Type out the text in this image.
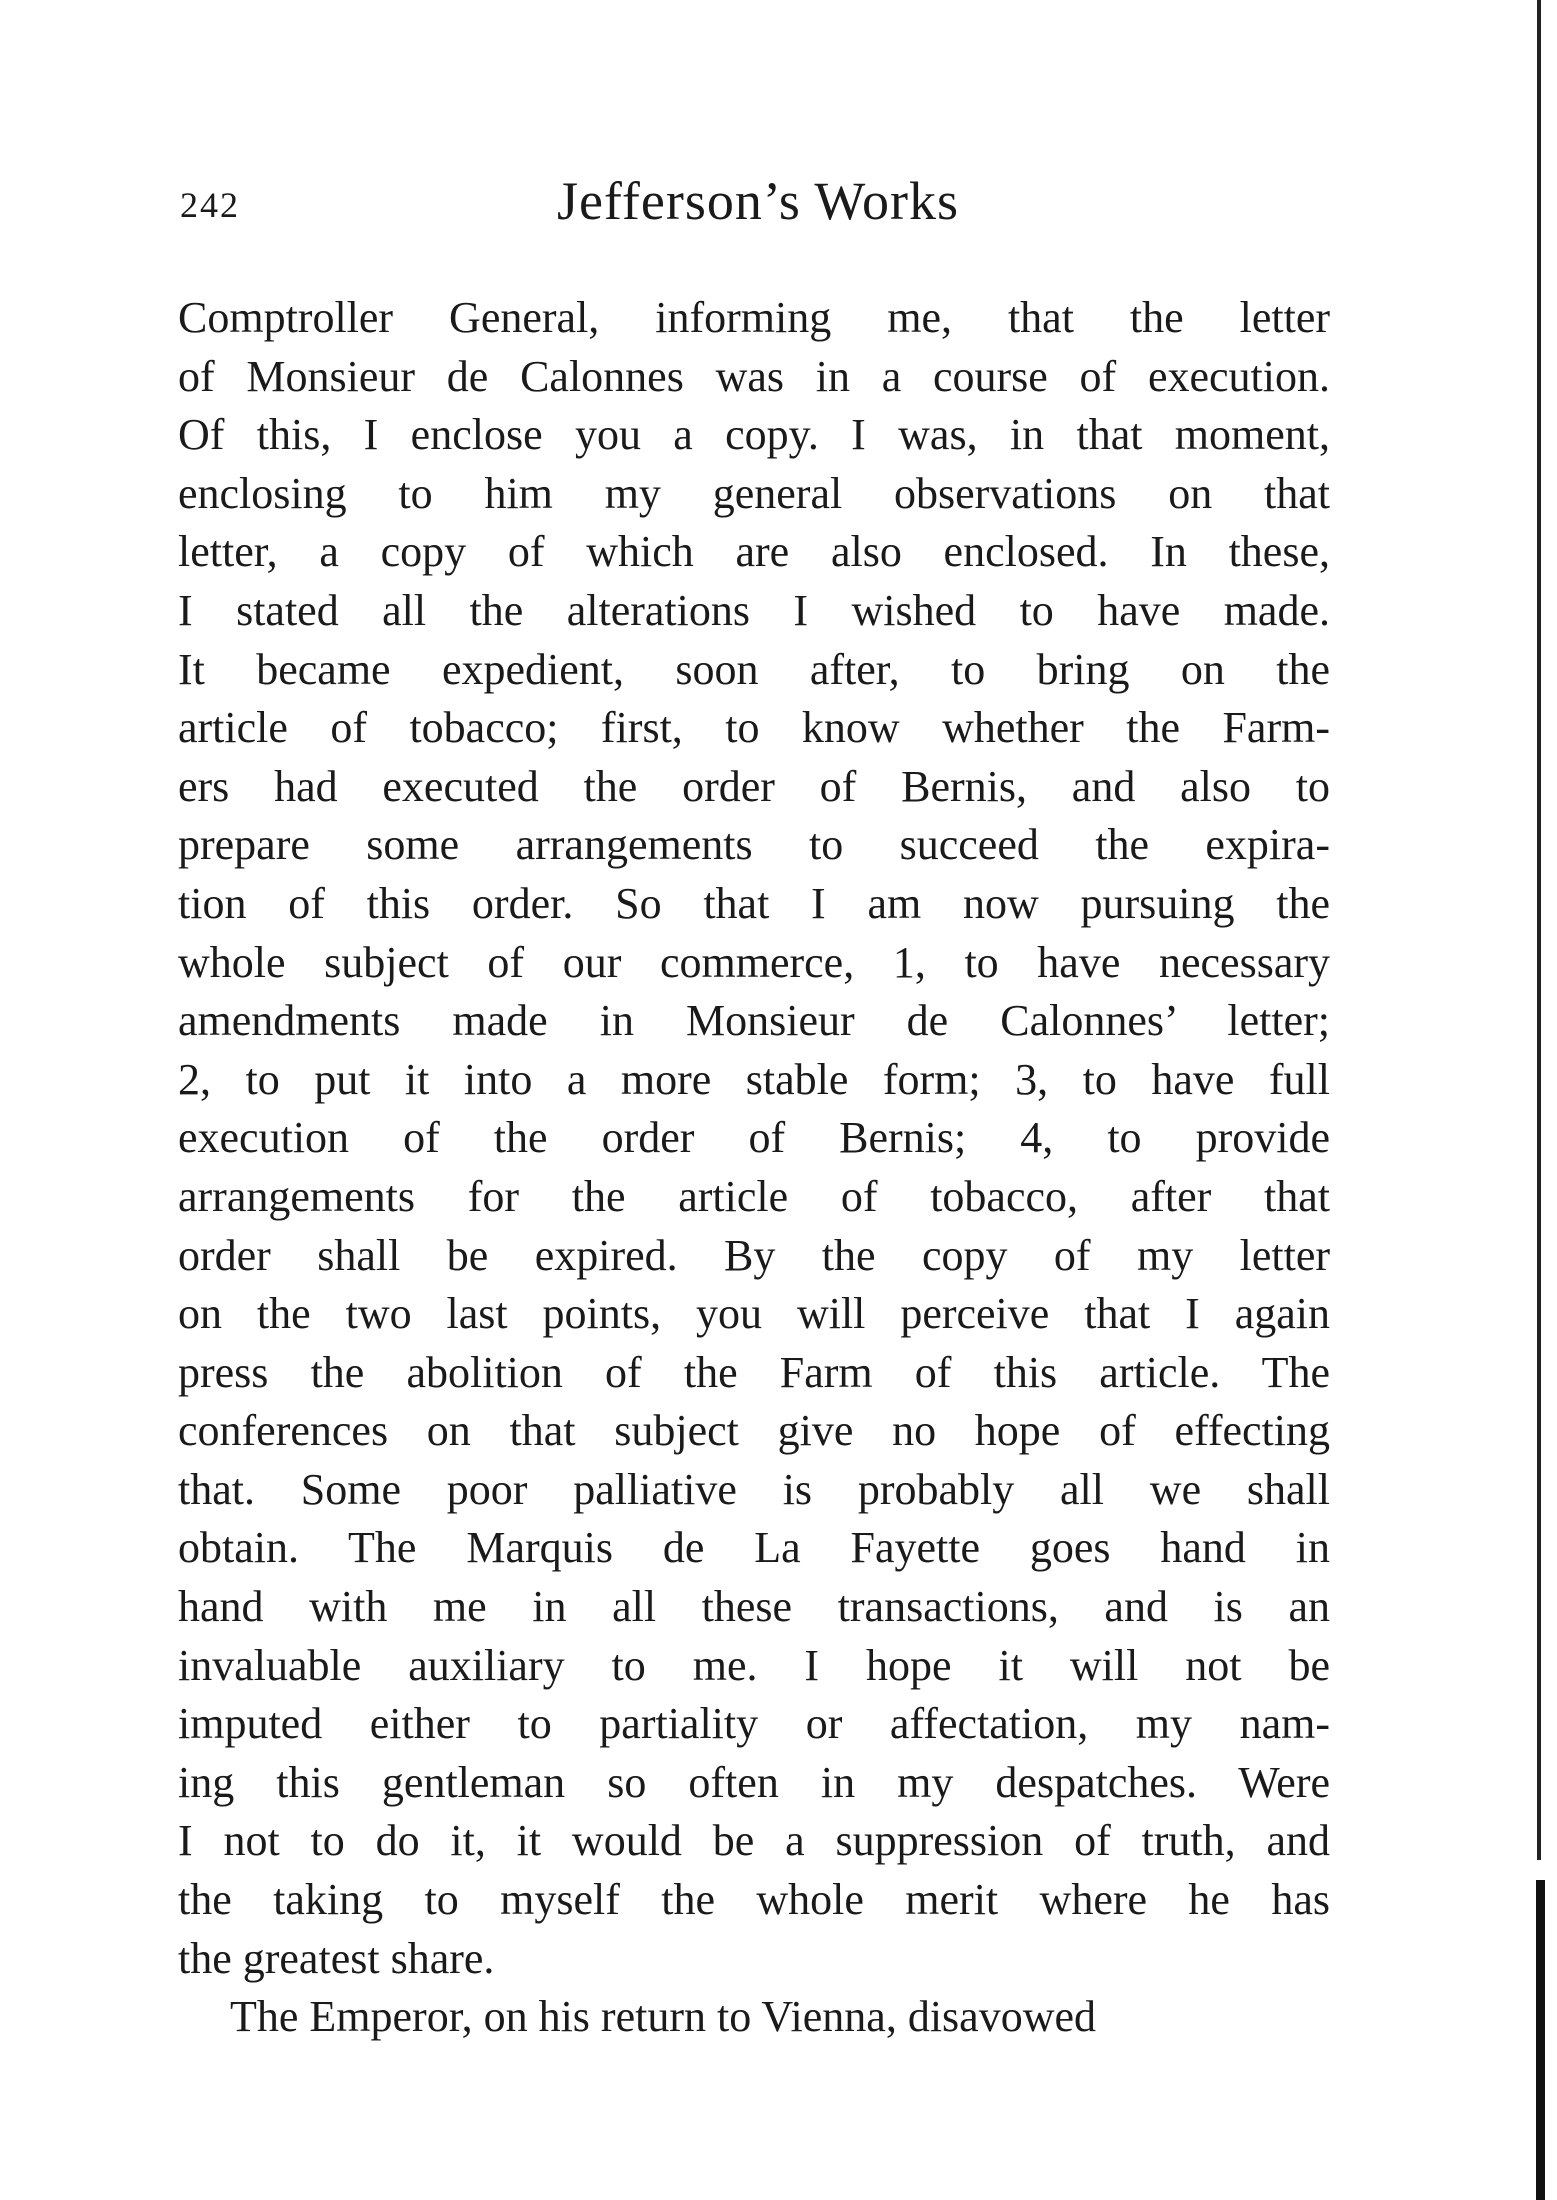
242	Jefferson’s Works
Comptroller General, informing me, that the letter
of Monsieur de Calonnes was in a course of execution.
Of this, I enclose you a copy. I was, in that moment,
enclosing to him my general observations on that
letter, a copy of which are also enclosed. In these,
I stated all the alterations I wished to have made.
It became expedient, soon after, to bring on the
article of tobacco; first, to know whether the Farm-
ers had executed the order of Bernis, and also to
prepare some arrangements to succeed the expira-
tion of this order. So that I am now pursuing the
whole subject of our commerce, 1, to have necessary
amendments made in Monsieur de Calonnes’ letter;
2, to put it into a more stable form; 3, to have full
execution of the order of Bernis; 4, to provide
arrangements for the article of tobacco, after that
order shall be expired. By the copy of my letter
on the two last points, you will perceive that I again
press the abolition of the Farm of this article. The
conferences on that subject give no hope of effecting
that. Some poor palliative is probably all we shall
obtain. The Marquis de La Fayette goes hand in
hand with me in all these transactions, and is an
invaluable auxiliary to me. I hope it will not be
imputed either to partiality or affectation, my nam-
ing this gentleman so often in my despatches. Were
I not to do it, it would be a suppression of truth, and
the taking to myself the whole merit where he has
the greatest share.
The Emperor, on his return to Vienna, disavowed
